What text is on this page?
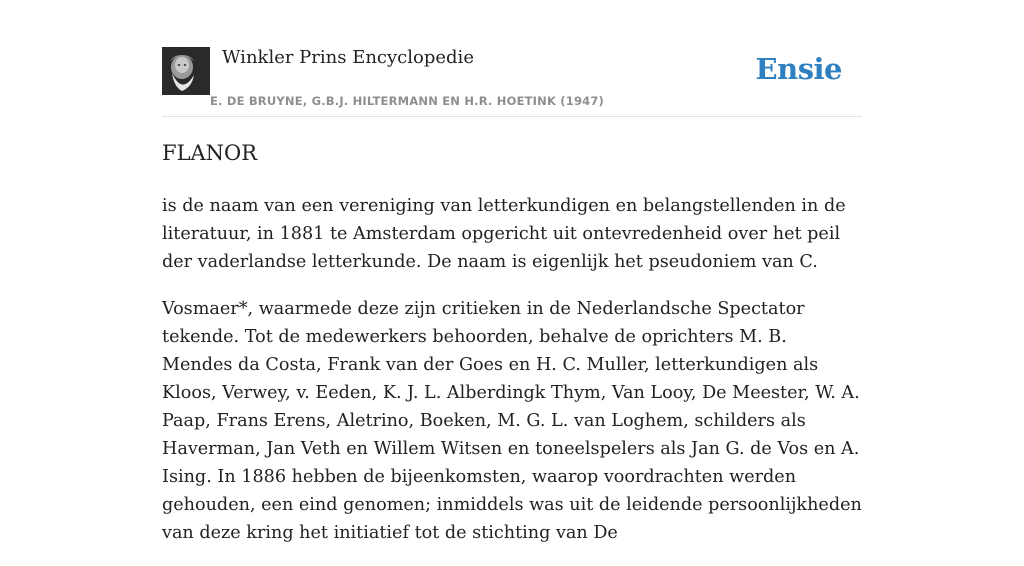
Winkler Prins Encyclopedie
E. DE BRUYNE, G.B.J. HILTERMANN EN H.R. HOETINK (1947)
Ensie
FLANOR

is de naam van een vereniging van letterkundigen en belangstellenden in de literatuur, in 1881 te Amsterdam opgericht uit ontevredenheid over het peil der vaderlandse letterkunde. De naam is eigenlijk het pseudoniem van C.

Vosmaer*, waarmede deze zijn critieken in de Nederlandsche Spectator tekende. Tot de medewerkers behoorden, behalve de oprichters M. B. Mendes da Costa, Frank van der Goes en H. C. Muller, letterkundigen als Kloos, Verwey, v. Eeden, K. J. L. Alberdingk Thym, Van Looy, De Meester, W. A. Paap, Frans Erens, Aletrino, Boeken, M. G. L. van Loghem, schilders als Haverman, Jan Veth en Willem Witsen en toneelspelers als Jan G. de Vos en A. Ising. In 1886 hebben de bijeenkomsten, waarop voordrachten werden gehouden, een eind genomen; inmiddels was uit de leidende persoonlijkheden van deze kring het initiatief tot de stichting van De
